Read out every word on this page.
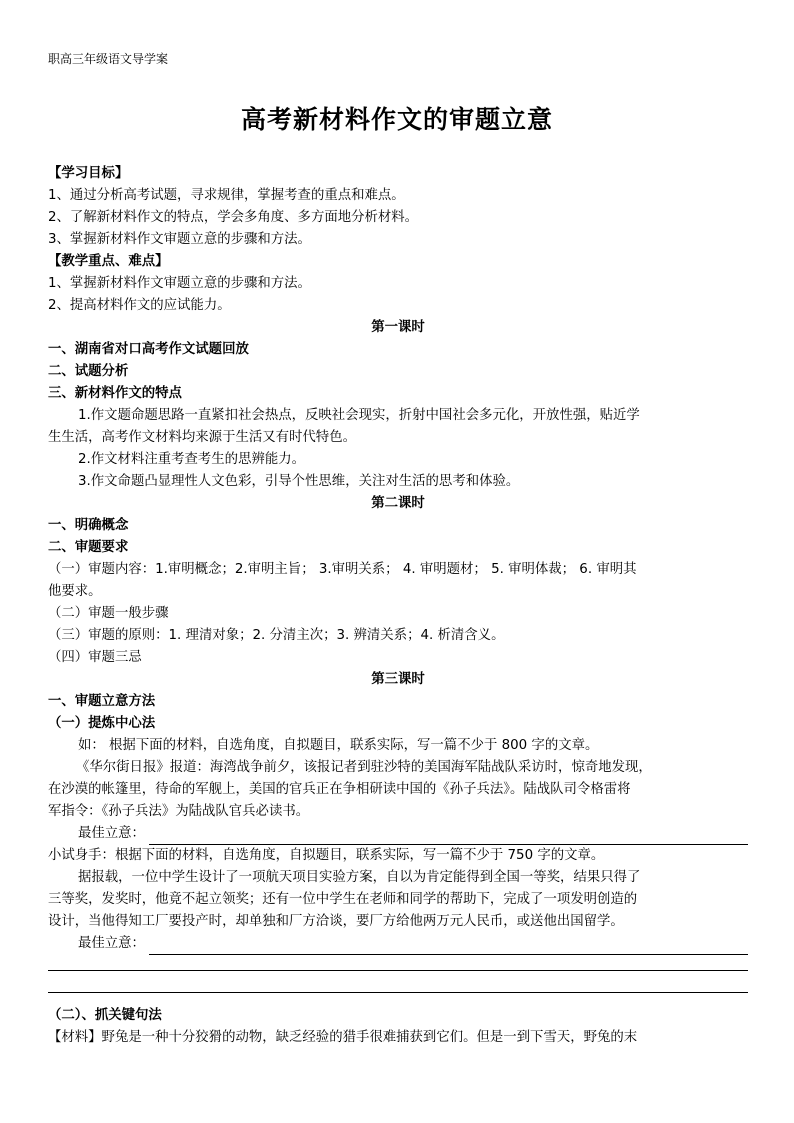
职高三年级语文导学案
高考新材料作文的审题立意
【学习目标】
1、通过分析高考试题，寻求规律，掌握考查的重点和难点。
2、了解新材料作文的特点，学会多角度、多方面地分析材料。
3、掌握新材料作文审题立意的步骤和方法。
【教学重点、难点】
1、掌握新材料作文审题立意的步骤和方法。
2、提高材料作文的应试能力。
第一课时
一、湖南省对口高考作文试题回放
二、试题分析
三、新材料作文的特点
1.作文题命题思路一直紧扣社会热点，反映社会现实，折射中国社会多元化，开放性强，贴近学
生生活，高考作文材料均来源于生活又有时代特色。
2.作文材料注重考查考生的思辨能力。
3.作文命题凸显理性人文色彩，引导个性思维，关注对生活的思考和体验。
第二课时
一、明确概念
二、审题要求
（一）审题内容：1.审明概念；2.审明主旨； 3.审明关系； 4. 审明题材； 5. 审明体裁； 6. 审明其
他要求。
（二）审题一般步骤
（三）审题的原则：1. 理清对象；2. 分清主次；3. 辨清关系；4. 析清含义。
（四）审题三忌
第三课时
一、审题立意方法
（一）提炼中心法
如： 根据下面的材料，自选角度，自拟题目，联系实际，写一篇不少于 800 字的文章。
《华尔街日报》报道：海湾战争前夕，该报记者到驻沙特的美国海军陆战队采访时，惊奇地发现，
在沙漠的帐篷里，待命的军舰上，美国的官兵正在争相研读中国的《孙子兵法》。陆战队司令格雷将
军指令：《孙子兵法》为陆战队官兵必读书。
最佳立意：
小试身手：根据下面的材料，自选角度，自拟题目，联系实际，写一篇不少于 750 字的文章。
据报载，一位中学生设计了一项航天项目实验方案，自以为肯定能得到全国一等奖，结果只得了
三等奖，发奖时，他竟不起立领奖；还有一位中学生在老师和同学的帮助下，完成了一项发明创造的
设计，当他得知工厂要投产时，却单独和厂方洽谈，要厂方给他两万元人民币，或送他出国留学。
最佳立意：
（二）、抓关键句法
【材料】野兔是一种十分狡猾的动物，缺乏经验的猎手很难捕获到它们。但是一到下雪天，野兔的末
